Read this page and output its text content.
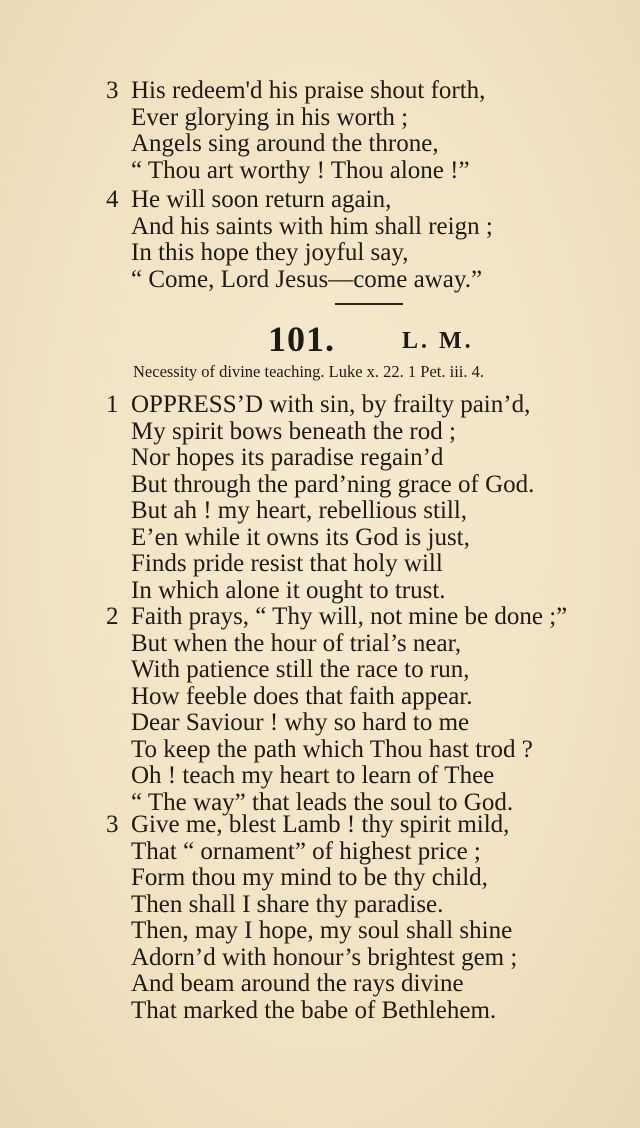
3 His redeem'd his praise shout forth,
Ever glorying in his worth ;
Angels sing around the throne,
“ Thou art worthy ! Thou alone !”
4 He will soon return again,
And his saints with him shall reign ;
In this hope they joyful say,
“ Come, Lord Jesus—come away.”
101.	L. M.
Necessity of divine teaching. Luke x. 22. 1 Pet. iii. 4.
1 OPPRESS’D with sin, by frailty pain’d,
My spirit bows beneath the rod ;
Nor hopes its paradise regain’d
But through the pard’ning grace of God.
But ah ! my heart, rebellious still,
E’en while it owns its God is just,
Finds pride resist that holy will
In which alone it ought to trust.
2 Faith prays, “ Thy will, not mine be done ;”
But when the hour of trial’s near,
With patience still the race to run,
How feeble does that faith appear.
Dear Saviour ! why so hard to me
To keep the path which Thou hast trod ?
Oh ! teach my heart to learn of Thee
“ The way” that leads the soul to God.
3 Give me, blest Lamb ! thy spirit mild,
That “ ornament” of highest price ;
Form thou my mind to be thy child,
Then shall I share thy paradise.
Then, may I hope, my soul shall shine
Adorn’d with honour’s brightest gem ;
And beam around the rays divine
That marked the babe of Bethlehem.
